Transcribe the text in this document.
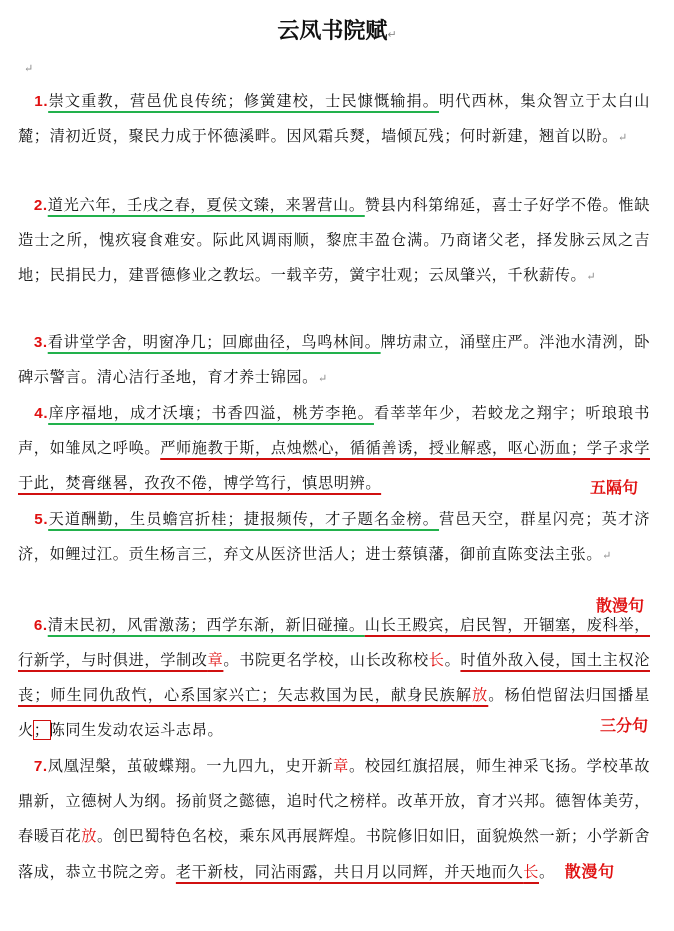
云凤书院赋↵
↵
　1.崇文重教，营邑优良传统；修黉建校，士民慷慨输捐。明代西林，集众智立于太白山麓；清初近贤，聚民力成于怀德溪畔。因风霜兵燹，墙倾瓦残；何时新建，翘首以盼。↵
　2.道光六年，壬戌之春，夏侯文臻，来署营山。赞县内科第绵延，喜士子好学不倦。惟缺造士之所，愧疚寝食难安。际此风调雨顺，黎庶丰盈仓满。乃商诸父老，择发脉云凤之吉地；民捐民力，建晋德修业之教坛。一载辛劳，黉宇壮观；云凤肇兴，千秋薪传。↵
　3.看讲堂学舍，明窗净几；回廊曲径，鸟鸣林间。牌坊肃立，涌壁庄严。泮池水清洌，卧碑示警言。清心洁行圣地，育才养士锦园。↵
　4.庠序福地，成才沃壤；书香四溢，桃芳李艳。看莘莘年少，若蛟龙之翔宇；听琅琅书声，如雏凤之呼唤。严师施教于斯，点烛燃心，循循善诱，授业解惑，呕心沥血；学子求学于此，焚膏继晷，孜孜不倦，博学笃行，慎思明辨。	五隔句
　5.天道酬勤，生员蟾宫折桂；捷报频传，才子题名金榜。营邑天空，群星闪亮；英才济济，如鲤过江。贡生杨言三，弃文从医济世活人；进士蔡镇藩，御前直陈变法主张。↵
散漫句
　6.清末民初，风雷激荡；西学东渐，新旧碰撞。山长王殿宾，启民智，开锢塞，废科举，行新学，与时俱进，学制改章。书院更名学校，山长改称校长。时值外敌入侵，国土主权沦丧；师生同仇敌忾，心系国家兴亡；矢志救国为民，献身民族解放。杨伯恺留法归国播星火；陈同生发动农运斗志昂。	三分句
　7.凤凰涅槃，茧破蝶翔。一九四九，史开新章。校园红旗招展，师生神采飞扬。学校革故鼎新，立德树人为纲。扬前贤之懿德，追时代之榜样。改革开放，育才兴邦。德智体美劳，春暖百花放。创巴蜀特色名校，乘东风再展辉煌。书院修旧如旧，面貌焕然一新；小学新舍落成，恭立书院之旁。老干新枝，同沾雨露，共日月以同辉，并天地而久长。 散漫句
